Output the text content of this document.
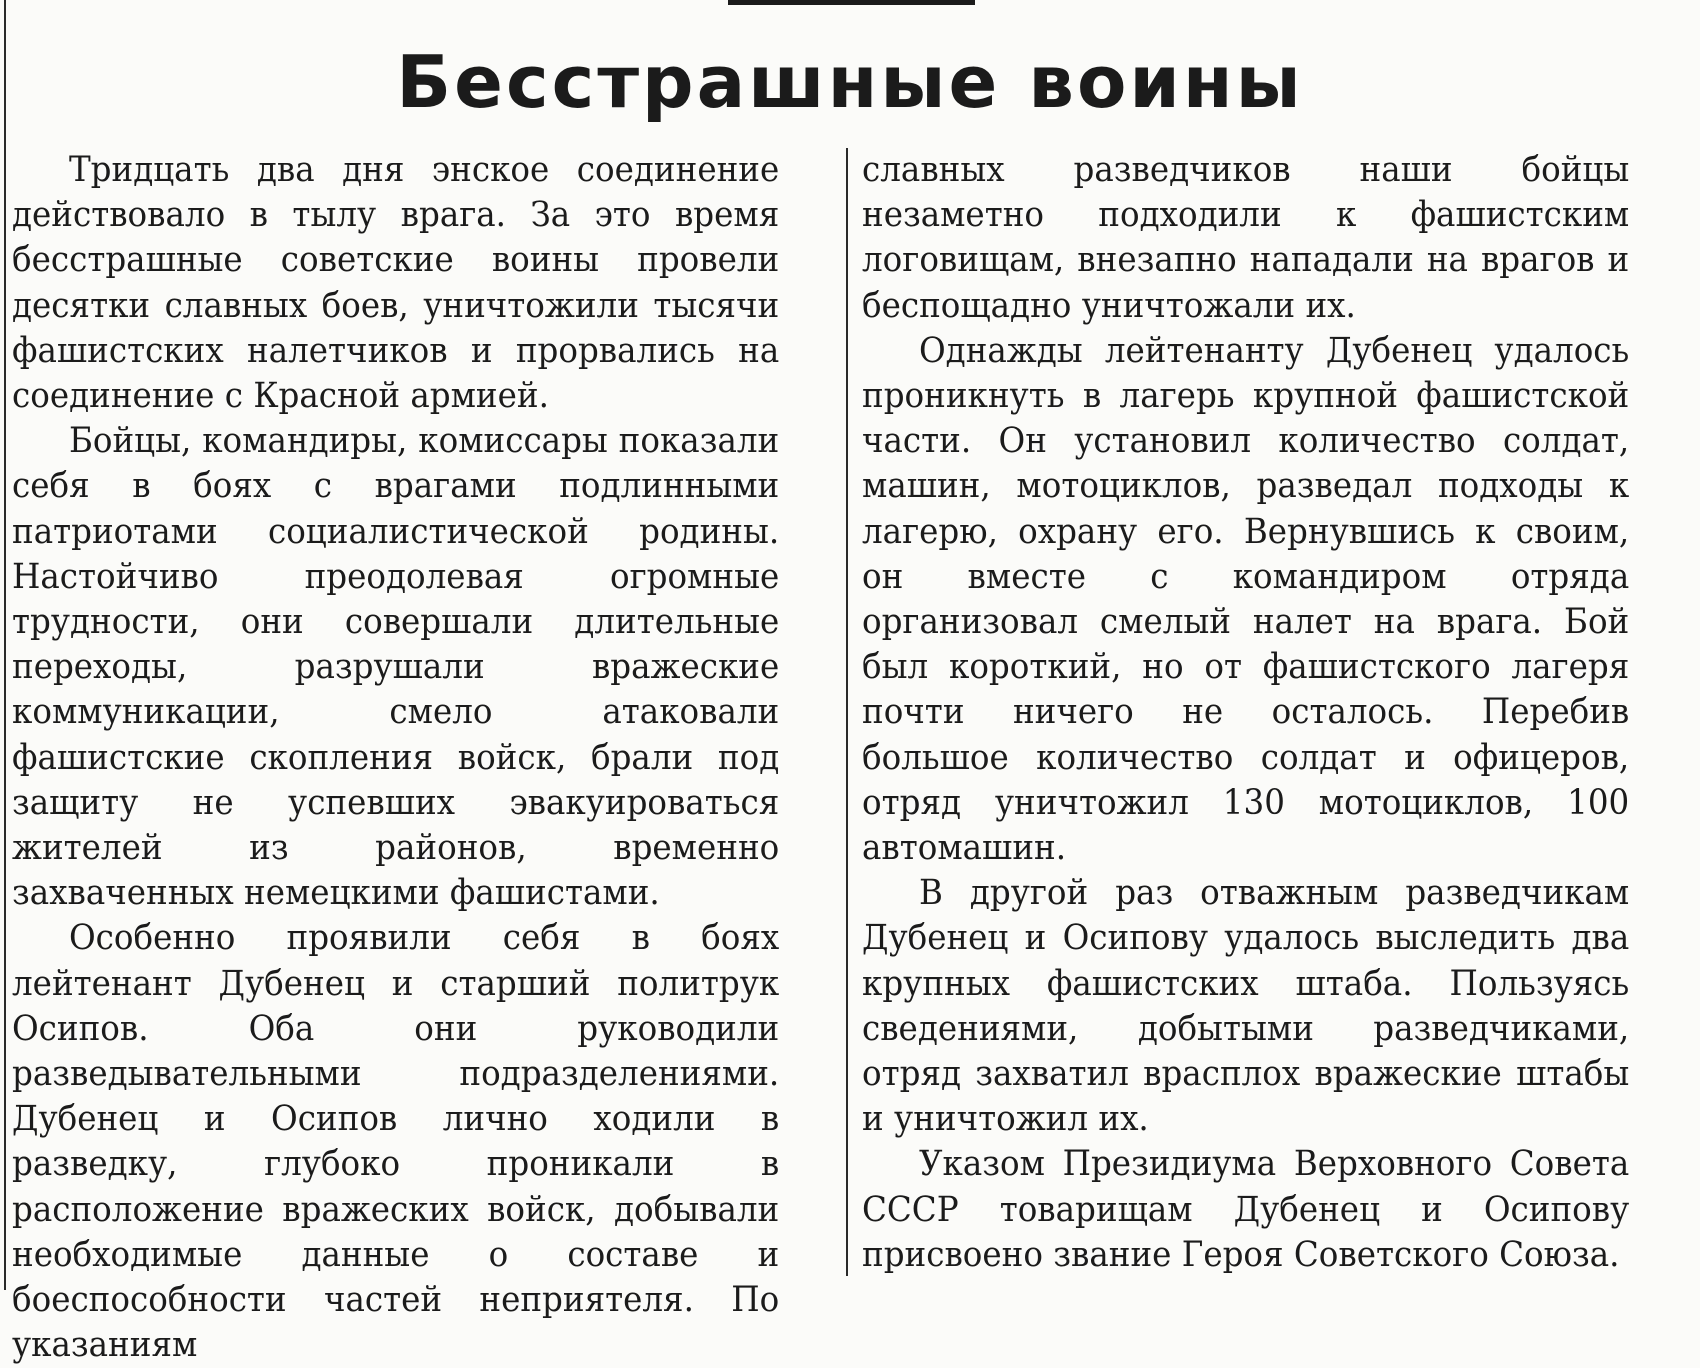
Бесстрашные воины

Тридцать два дня энское соединение действовало в тылу врага. За это время бесстрашные советские воины провели десятки славных боев, уничтожили тысячи фашистских налетчиков и прорвались на соединение с Красной армией.

Бойцы, командиры, комиссары показали себя в боях с врагами подлинными патриотами социалистической родины. Настойчиво преодолевая огромные трудности, они совершали длительные переходы, разрушали вражеские коммуникации, смело атаковали фашистские скопления войск, брали под защиту не успевших эвакуироваться жителей из районов, временно захваченных немецкими фашистами.

Особенно проявили себя в боях лейтенант Дубенец и старший политрук Осипов. Оба они руководили разведывательными подразделениями. Дубенец и Осипов лично ходили в разведку, глубоко проникали в расположение вражеских войск, добывали необходимые данные о составе и боеспособности частей неприятеля. По указаниям

славных разведчиков наши бойцы незаметно подходили к фашистским логовищам, внезапно нападали на врагов и беспощадно уничтожали их.

Однажды лейтенанту Дубенец удалось проникнуть в лагерь крупной фашистской части. Он установил количество солдат, машин, мотоциклов, разведал подходы к лагерю, охрану его. Вернувшись к своим, он вместе с командиром отряда организовал смелый налет на врага. Бой был короткий, но от фашистского лагеря почти ничего не осталось. Перебив большое количество солдат и офицеров, отряд уничтожил 130 мотоциклов, 100 автомашин.

В другой раз отважным разведчикам Дубенец и Осипову удалось выследить два крупных фашистских штаба. Пользуясь сведениями, добытыми разведчиками, отряд захватил врасплох вражеские штабы и уничтожил их.

Указом Президиума Верховного Совета СССР товарищам Дубенец и Осипову присвоено звание Героя Советского Союза.
